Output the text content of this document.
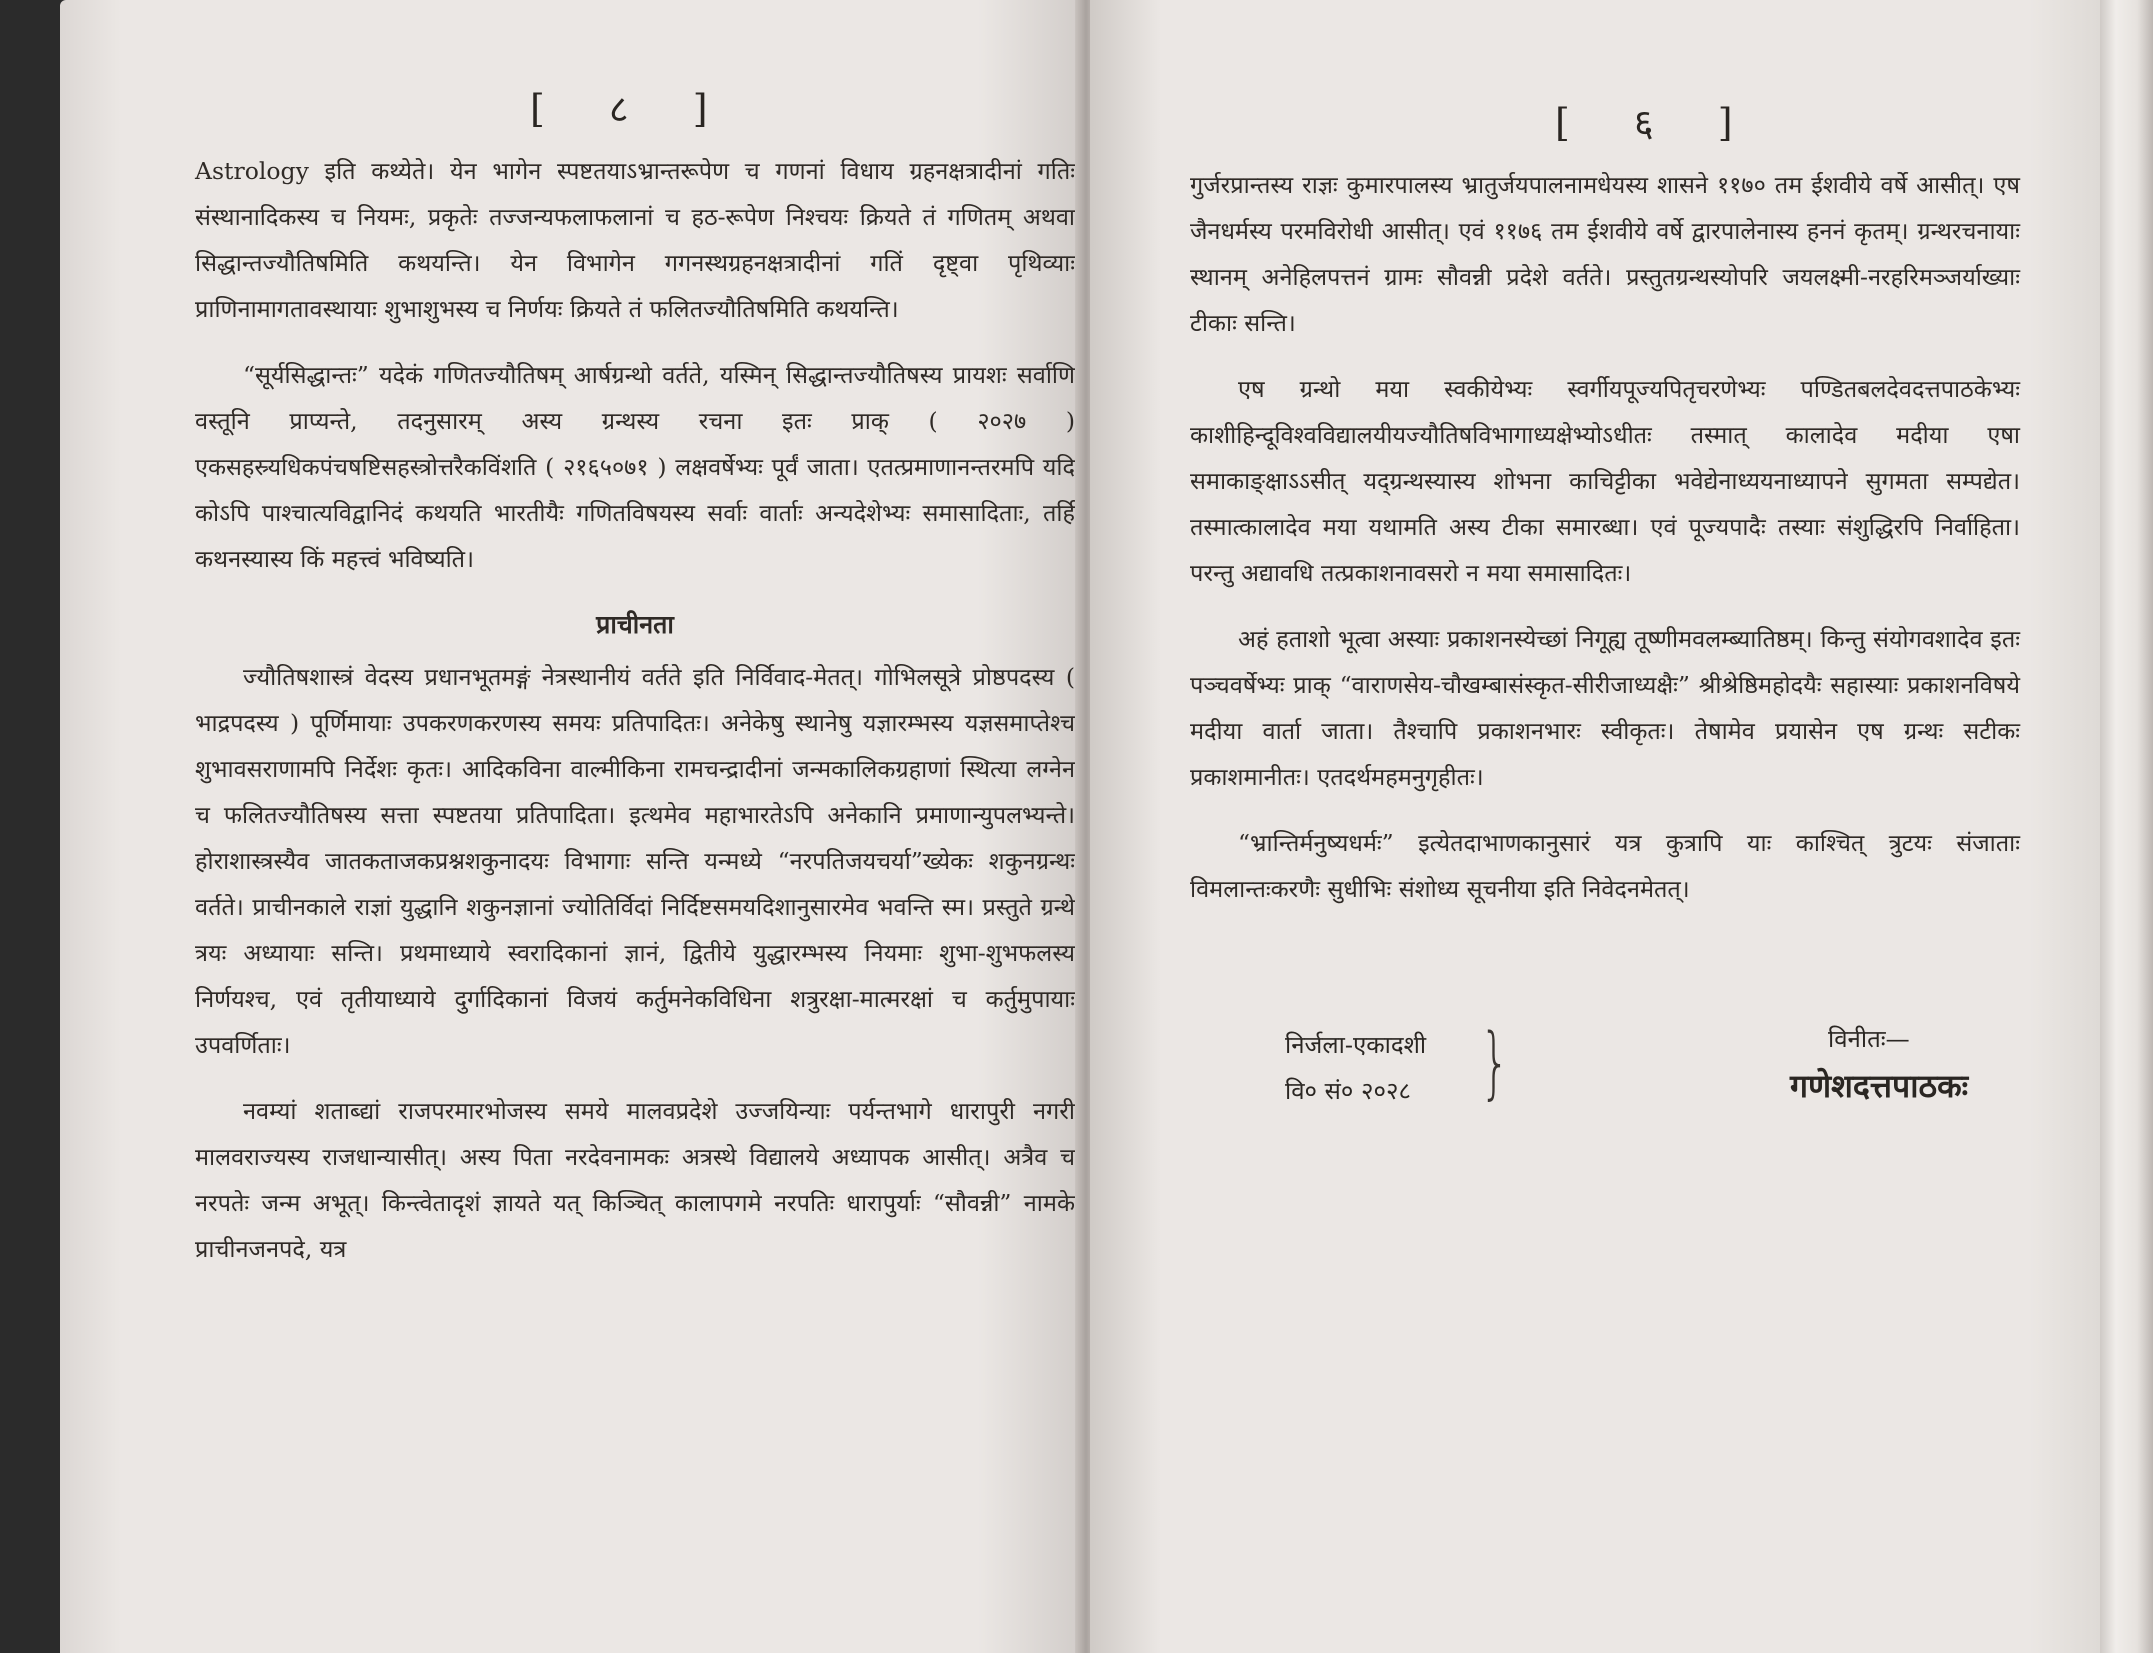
[ ८ ]

Astrology इति कथ्येते। येन भागेन स्पष्टतयाऽभ्रान्तरूपेण च गणनां विधाय ग्रहनक्षत्रादीनां गतिः संस्थानादिकस्य च नियमः, प्रकृतेः तज्जन्यफलाफलानां च हठ-रूपेण निश्चयः क्रियते तं गणितम् अथवा सिद्धान्तज्यौतिषमिति कथयन्ति। येन विभागेन गगनस्थग्रहनक्षत्रादीनां गतिं दृष्ट्वा पृथिव्याः प्राणिनामागतावस्थायाः शुभाशुभस्य च निर्णयः क्रियते तं फलितज्यौतिषमिति कथयन्ति।

“सूर्यसिद्धान्तः” यदेकं गणितज्यौतिषम् आर्षग्रन्थो वर्तते, यस्मिन् सिद्धान्तज्यौतिषस्य प्रायशः सर्वाणि वस्तूनि प्राप्यन्ते, तदनुसारम् अस्य ग्रन्थस्य रचना इतः प्राक् ( २०२७ ) एकसहस्र्यधिकपंचषष्टिसहस्त्रोत्तरैकविंशति ( २१६५०७१ ) लक्षवर्षेभ्यः पूर्वं जाता। एतत्प्रमाणानन्तरमपि यदि कोऽपि पाश्चात्यविद्वानिदं कथयति भारतीयैः गणितविषयस्य सर्वाः वार्ताः अन्यदेशेभ्यः समासादिताः, तर्हि कथनस्यास्य किं महत्त्वं भविष्यति।

प्राचीनता

ज्यौतिषशास्त्रं वेदस्य प्रधानभूतमङ्गं नेत्रस्थानीयं वर्तते इति निर्विवाद-मेतत्। गोभिलसूत्रे प्रोष्ठपदस्य ( भाद्रपदस्य ) पूर्णिमायाः उपकरणकरणस्य समयः प्रतिपादितः। अनेकेषु स्थानेषु यज्ञारम्भस्य यज्ञसमाप्तेश्च शुभावसराणामपि निर्देशः कृतः। आदिकविना वाल्मीकिना रामचन्द्रादीनां जन्मकालिकग्रहाणां स्थित्या लग्नेन च फलितज्यौतिषस्य सत्ता स्पष्टतया प्रतिपादिता। इत्थमेव महाभारतेऽपि अनेकानि प्रमाणान्युपलभ्यन्ते। होराशास्त्रस्यैव जातकताजकप्रश्नशकुनादयः विभागाः सन्ति यन्मध्ये “नरपतिजयचर्या”ख्येकः शकुनग्रन्थः वर्तते। प्राचीनकाले राज्ञां युद्धानि शकुनज्ञानां ज्योतिर्विदां निर्दिष्टसमयदिशानुसारमेव भवन्ति स्म। प्रस्तुते ग्रन्थे त्रयः अध्यायाः सन्ति। प्रथमाध्याये स्वरादिकानां ज्ञानं, द्वितीये युद्धारम्भस्य नियमाः शुभा-शुभफलस्य निर्णयश्च, एवं तृतीयाध्याये दुर्गादिकानां विजयं कर्तुमनेकविधिना शत्रुरक्षा-मात्मरक्षां च कर्तुमुपायाः उपवर्णिताः।

नवम्यां शताब्द्यां राजपरमारभोजस्य समये मालवप्रदेशे उज्जयिन्याः पर्यन्तभागे धारापुरी नगरी मालवराज्यस्य राजधान्यासीत्। अस्य पिता नरदेवनामकः अत्रस्थे विद्यालये अध्यापक आसीत्। अत्रैव च नरपतेः जन्म अभूत्। किन्त्वेतादृशं ज्ञायते यत् किञ्चित् कालापगमे नरपतिः धारापुर्याः “सौवन्नी” नामके प्राचीनजनपदे, यत्र

[ ६ ]

गुर्जरप्रान्तस्य राज्ञः कुमारपालस्य भ्रातुर्जयपालनामधेयस्य शासने ११७० तम ईशवीये वर्षे आसीत्। एष जैनधर्मस्य परमविरोधी आसीत्। एवं ११७६ तम ईशवीये वर्षे द्वारपालेनास्य हननं कृतम्। ग्रन्थरचनायाः स्थानम् अनेहिलपत्तनं ग्रामः सौवन्नी प्रदेशे वर्तते। प्रस्तुतग्रन्थस्योपरि जयलक्ष्मी-नरहरिमञ्जर्याख्याः टीकाः सन्ति।

एष ग्रन्थो मया स्वकीयेभ्यः स्वर्गीयपूज्यपितृचरणेभ्यः पण्डितबलदेवदत्तपाठकेभ्यः काशीहिन्दूविश्वविद्यालयीयज्यौतिषविभागाध्यक्षेभ्योऽधीतः तस्मात् कालादेव मदीया एषा समाकाङ्क्षाऽऽसीत् यद्ग्रन्थस्यास्य शोभना काचिट्टीका भवेद्येनाध्ययनाध्यापने सुगमता सम्पद्येत। तस्मात्कालादेव मया यथामति अस्य टीका समारब्धा। एवं पूज्यपादैः तस्याः संशुद्धिरपि निर्वाहिता। परन्तु अद्यावधि तत्प्रकाशनावसरो न मया समासादितः।

अहं हताशो भूत्वा अस्याः प्रकाशनस्येच्छां निगूह्य तूष्णीमवलम्ब्यातिष्ठम्। किन्तु संयोगवशादेव इतः पञ्चवर्षेभ्यः प्राक् “वाराणसेय-चौखम्बासंस्कृत-सीरीजाध्यक्षैः” श्रीश्रेष्ठिमहोदयैः सहास्याः प्रकाशनविषये मदीया वार्ता जाता। तैश्चापि प्रकाशनभारः स्वीकृतः। तेषामेव प्रयासेन एष ग्रन्थः सटीकः प्रकाशमानीतः। एतदर्थमहमनुगृहीतः।

“भ्रान्तिर्मनुष्यधर्मः” इत्येतदाभाणकानुसारं यत्र कुत्रापि याः काश्चित् त्रुटयः संजाताः विमलान्तःकरणैः सुधीभिः संशोध्य सूचनीया इति निवेदनमेतत्।

निर्जला-एकादशी
वि० सं० २०२८ }	विनीतः—
गणेशदत्तपाठकः
